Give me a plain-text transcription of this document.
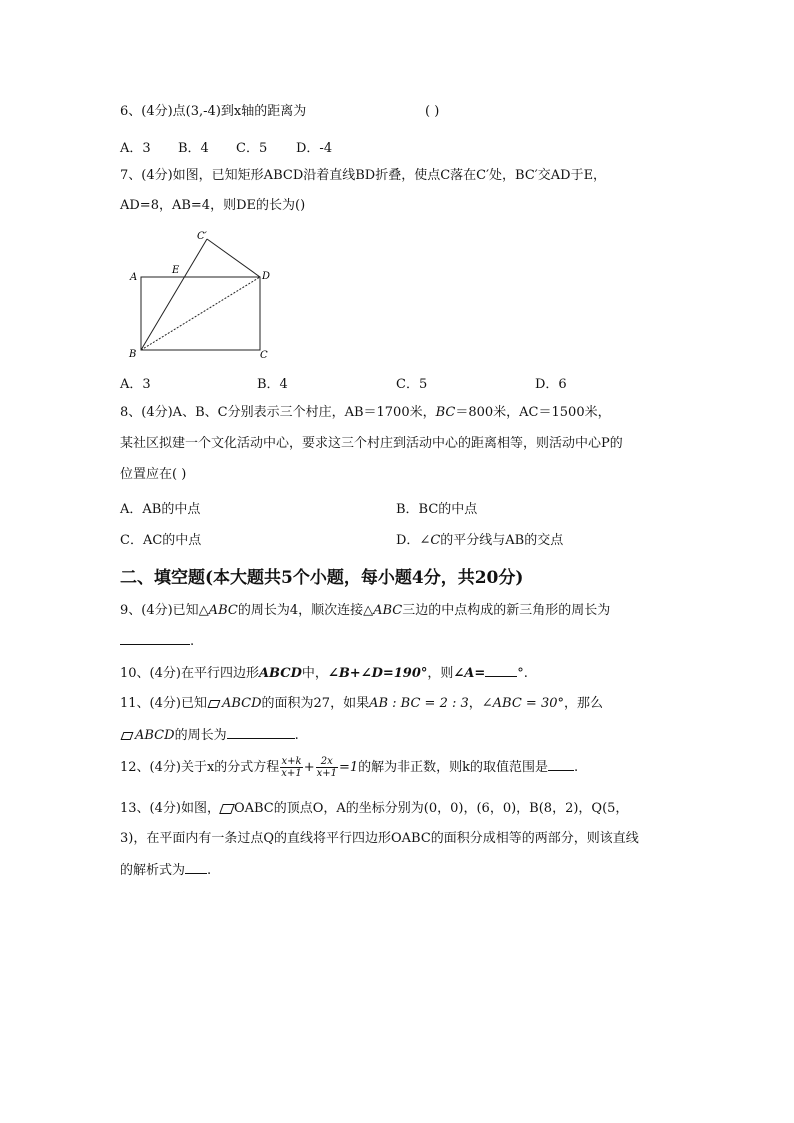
6、(4分)点(3,-4)到x轴的距离为	( )
A．3 B．4 C．5 D．-4
7、(4分)如图，已知矩形ABCD沿着直线BD折叠，使点C落在C′处，BC′交AD于E，
AD=8，AB=4，则DE的长为()
C′
A
E
D
B	C
A．3	B．4	C．5	D．6
8、(4分)A、B、C分别表示三个村庄，AB＝1700米，BC＝800米，AC＝1500米，
某社区拟建一个文化活动中心，要求这三个村庄到活动中心的距离相等，则活动中心P的
位置应在( )
A．AB的中点	B．BC的中点
C．AC的中点	D．∠C的平分线与AB的交点
二、填空题(本大题共5个小题，每小题4分，共20分)
9、(4分)已知△ABC的周长为4，顺次连接△ABC三边的中点构成的新三角形的周长为
.
10、(4分)在平行四边形ABCD中，∠B+∠D=190°，则∠A= °.
11、(4分)已知 ABCD的面积为27，如果AB : BC = 2 : 3，∠ABC = 30°，那么
ABCD的周长为	.
12、(4分)关于x的分式方程 $\frac{x+k}{x+1} + \frac{2x}{x+1} =1$的解为非正数，则k的取值范围是 .
13、(4分)如图， OABC的顶点O，A的坐标分别为(0，0)，(6，0)，B(8，2)，Q(5，
3)，在平面内有一条过点Q的直线将平行四边形OABC的面积分成相等的两部分，则该直线
的解析式为 .
